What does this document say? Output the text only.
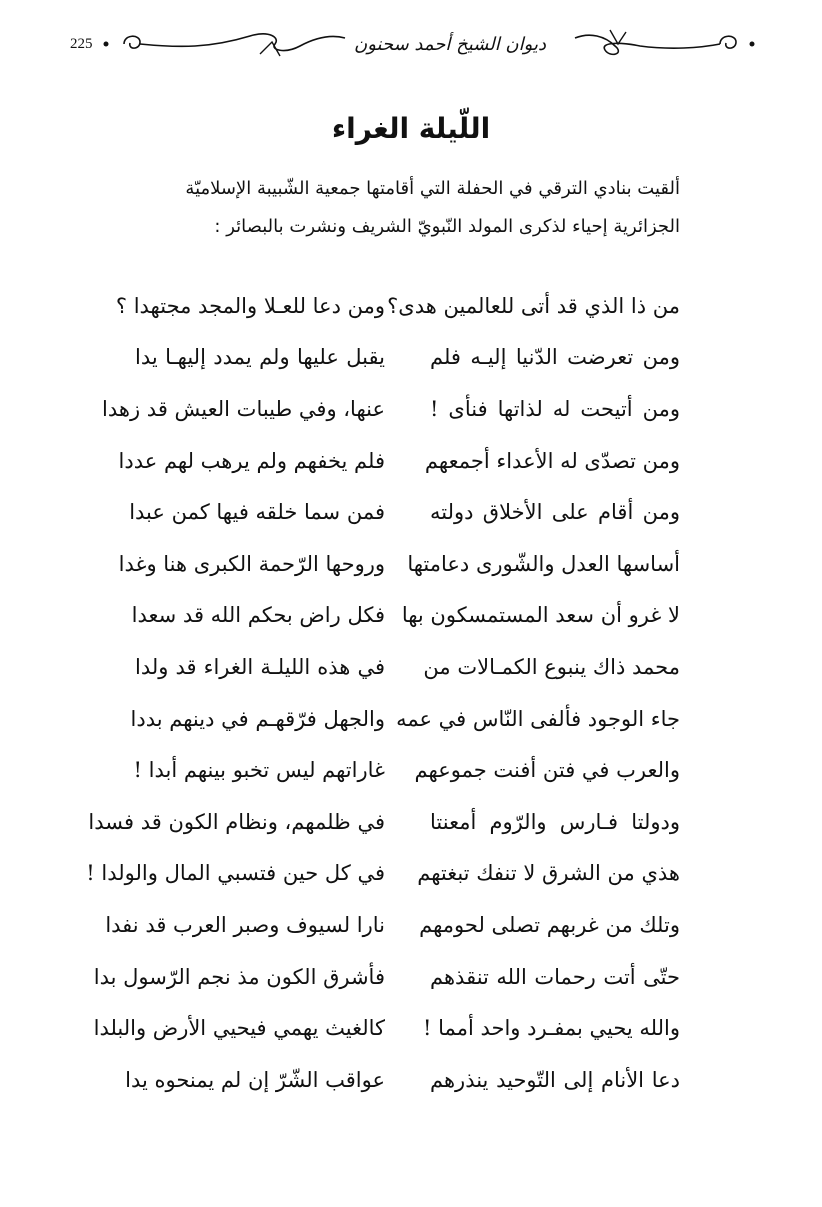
225	ديوان الشيخ أحمد سحنون
اللّيلة الغراء

ألقيت بنادي الترقي في الحفلة التي أقامتها جمعية الشّبيبة الإسلاميّة

الجزائرية إحياء لذكرى المولد النّبويّ الشريف ونشرت بالبصائر :

من ذا الذي قد أتى للعالمين هدى؟
ومن دعا للعـلا والمجد مجتهدا ؟
ومن تعرضت الدّنيا إليـه فلم
يقبل عليها ولم يمدد إليهـا يدا
ومن أتيحت له لذاتها فنأى !
عنها، وفي طيبات العيش قد زهدا
ومن تصدّى له الأعداء أجمعهم
فلم يخفهم ولم يرهب لهم عددا
ومن أقام على الأخلاق دولته
فمن سما خلقه فيها كمن عبدا
أساسها العدل والشّورى دعامتها
وروحها الرّحمة الكبرى هنا وغدا
لا غرو أن سعد المستمسكون بها
فكل راض بحكم الله قد سعدا
محمد ذاك ينبوع الكمـالات من
في هذه الليلـة الغراء قد ولدا
جاء الوجود فألفى النّاس في عمه
والجهل فرّقهـم في دينهم بددا
والعرب في فتن أفنت جموعهم
غاراتهم ليس تخبو بينهم أبدا !
ودولتا فـارس والرّوم أمعنتا
في ظلمهم، ونظام الكون قد فسدا
هذي من الشرق لا تنفك تبغتهم
في كل حين فتسبي المال والولدا !
وتلك من غربهم تصلى لحومهم
نارا لسيوف وصبر العرب قد نفدا
حتّى أتت رحمات الله تنقذهم
فأشرق الكون مذ نجم الرّسول بدا
والله يحيي بمفـرد واحد أمما !
كالغيث يهمي فيحيي الأرض والبلدا
دعا الأنام إلى التّوحيد ينذرهم
عواقب الشّرّ إن لم يمنحوه يدا
